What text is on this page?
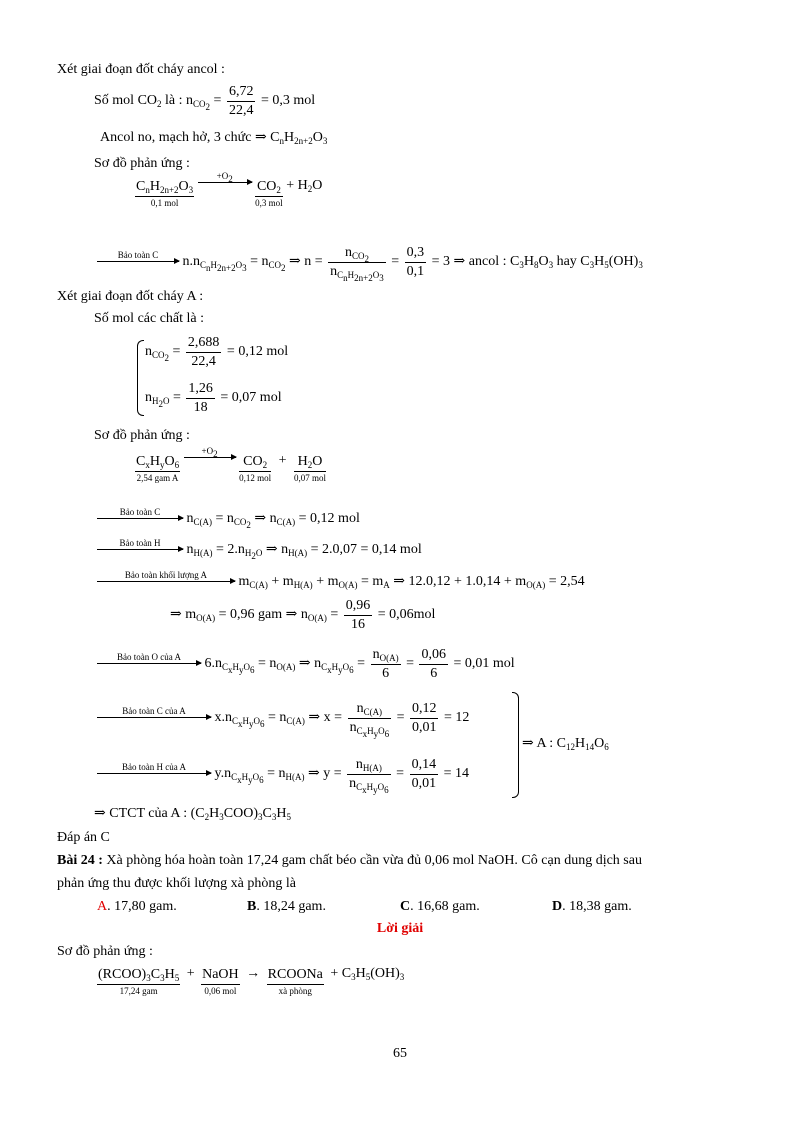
Xét giai đoạn đốt cháy ancol :
Số mol $CO_2$ là : $n_{CO_2} = \frac{6,72}{22,4} = 0,3$ mol
Ancol no, mạch hở, 3 chức ⇒ $C_nH_{2n+2}O_3$
Sơ đồ phản ứng :
$C_nH_{2n+2}O_3$
0,1 mol

$+O_2$
	$CO_2$
0,3 mol
+ $H_2O$
Bảo toàn C	$n.n_{C_nH_{2n+2}O_3} = n_{CO_2}$ ⇒ $n = \frac{n_{CO_2}}{n_{C_nH_{2n+2}O_3}} = \frac{0,3}{0,1} = 3$ ⇒ ancol : $C_3H_8O_3$ hay $C_3H_5(OH)_3$
Xét giai đoạn đốt cháy A :
Số mol các chất là :
$n_{CO_2} = \frac{2,688}{22,4} = 0,12$ mol
$n_{H_2O} = \frac{1,26}{18} = 0,07$ mol
Sơ đồ phản ứng :
$C_xH_yO_6$
2,54 gam A

$+O_2$
	$CO_2$
0,12 mol
+ $H_2O$
0,07 mol
Bảo toàn C	$n_{C(A)} = n_{CO_2}$ ⇒ $n_{C(A)} = 0,12$ mol
Bảo toàn H	$n_{H(A)} = 2.n_{H_2O}$ ⇒ $n_{H(A)} = 2.0,07 = 0,14$ mol
Bảo toàn khối lượng A	$m_{C(A)} + m_{H(A)} + m_{O(A)} = m_A$ ⇒ $12.0,12 + 1.0,14 + m_{O(A)} = 2,54$
⇒ $m_{O(A)} = 0,96$ gam ⇒ $n_{O(A)} = \frac{0,96}{16} = 0,06mol$
Bảo toàn O của A	$6.n_{C_xH_yO_6} = n_{O(A)}$ ⇒ $n_{C_xH_yO_6} = \frac{n_{O(A)}}{6} = \frac{0,06}{6} = 0,01$ mol
Bảo toàn C của A	$x.n_{C_xH_yO_6} = n_{C(A)}$ ⇒ $x = \frac{n_{C(A)}}{n_{C_xH_yO_6}} = \frac{0,12}{0,01} = 12$
Bảo toàn H của A	$y.n_{C_xH_yO_6} = n_{H(A)}$ ⇒ $y = \frac{n_{H(A)}}{n_{C_xH_yO_6}} = \frac{0,14}{0,01} = 14$
⇒ A : $C_{12}H_{14}O_6$
⇒ CTCT của A : $(C_2H_3COO)_3C_3H_5$
Đáp án C
Bài 24 : Xà phòng hóa hoàn toàn 17,24 gam chất béo cần vừa đủ 0,06 mol NaOH. Cô cạn dung dịch sau
phản ứng thu được khối lượng xà phòng là
A. 17,80 gam.	B. 18,24 gam.	C. 16,68 gam.	D. 18,38 gam.
Lời giải
Sơ đồ phản ứng :
$(RCOO)_3C_3H_5$
17,24 gam
+ NaOH
0,06 mol
→ RCOONa
xà phòng
+ $C_3H_5(OH)_3$
65
